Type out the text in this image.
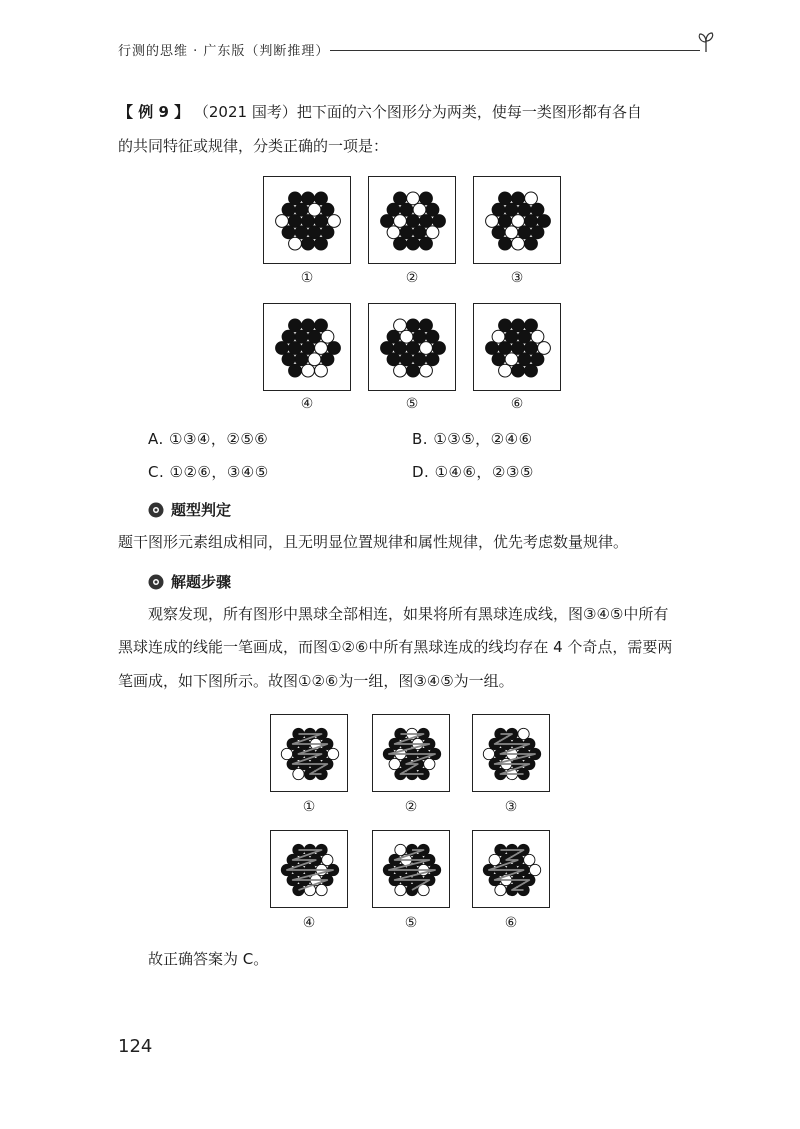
行测的思维 · 广东版（判断推理）
【 例 9 】 （2021 国考）把下面的六个图形分为两类，使每一类图形都有各自
的共同特征或规律，分类正确的一项是：
①	②	③
④	⑤	⑥
A. ①③④，②⑤⑥	B. ①③⑤，②④⑥
C. ①②⑥，③④⑤	D. ①④⑥，②③⑤
题型判定
题干图形元素组成相同，且无明显位置规律和属性规律，优先考虑数量规律。
解题步骤
观察发现，所有图形中黑球全部相连，如果将所有黑球连成线，图③④⑤中所有
黑球连成的线能一笔画成，而图①②⑥中所有黑球连成的线均存在 4 个奇点，需要两
笔画成，如下图所示。故图①②⑥为一组，图③④⑤为一组。
①	②	③
④	⑤	⑥
故正确答案为 C。
124
